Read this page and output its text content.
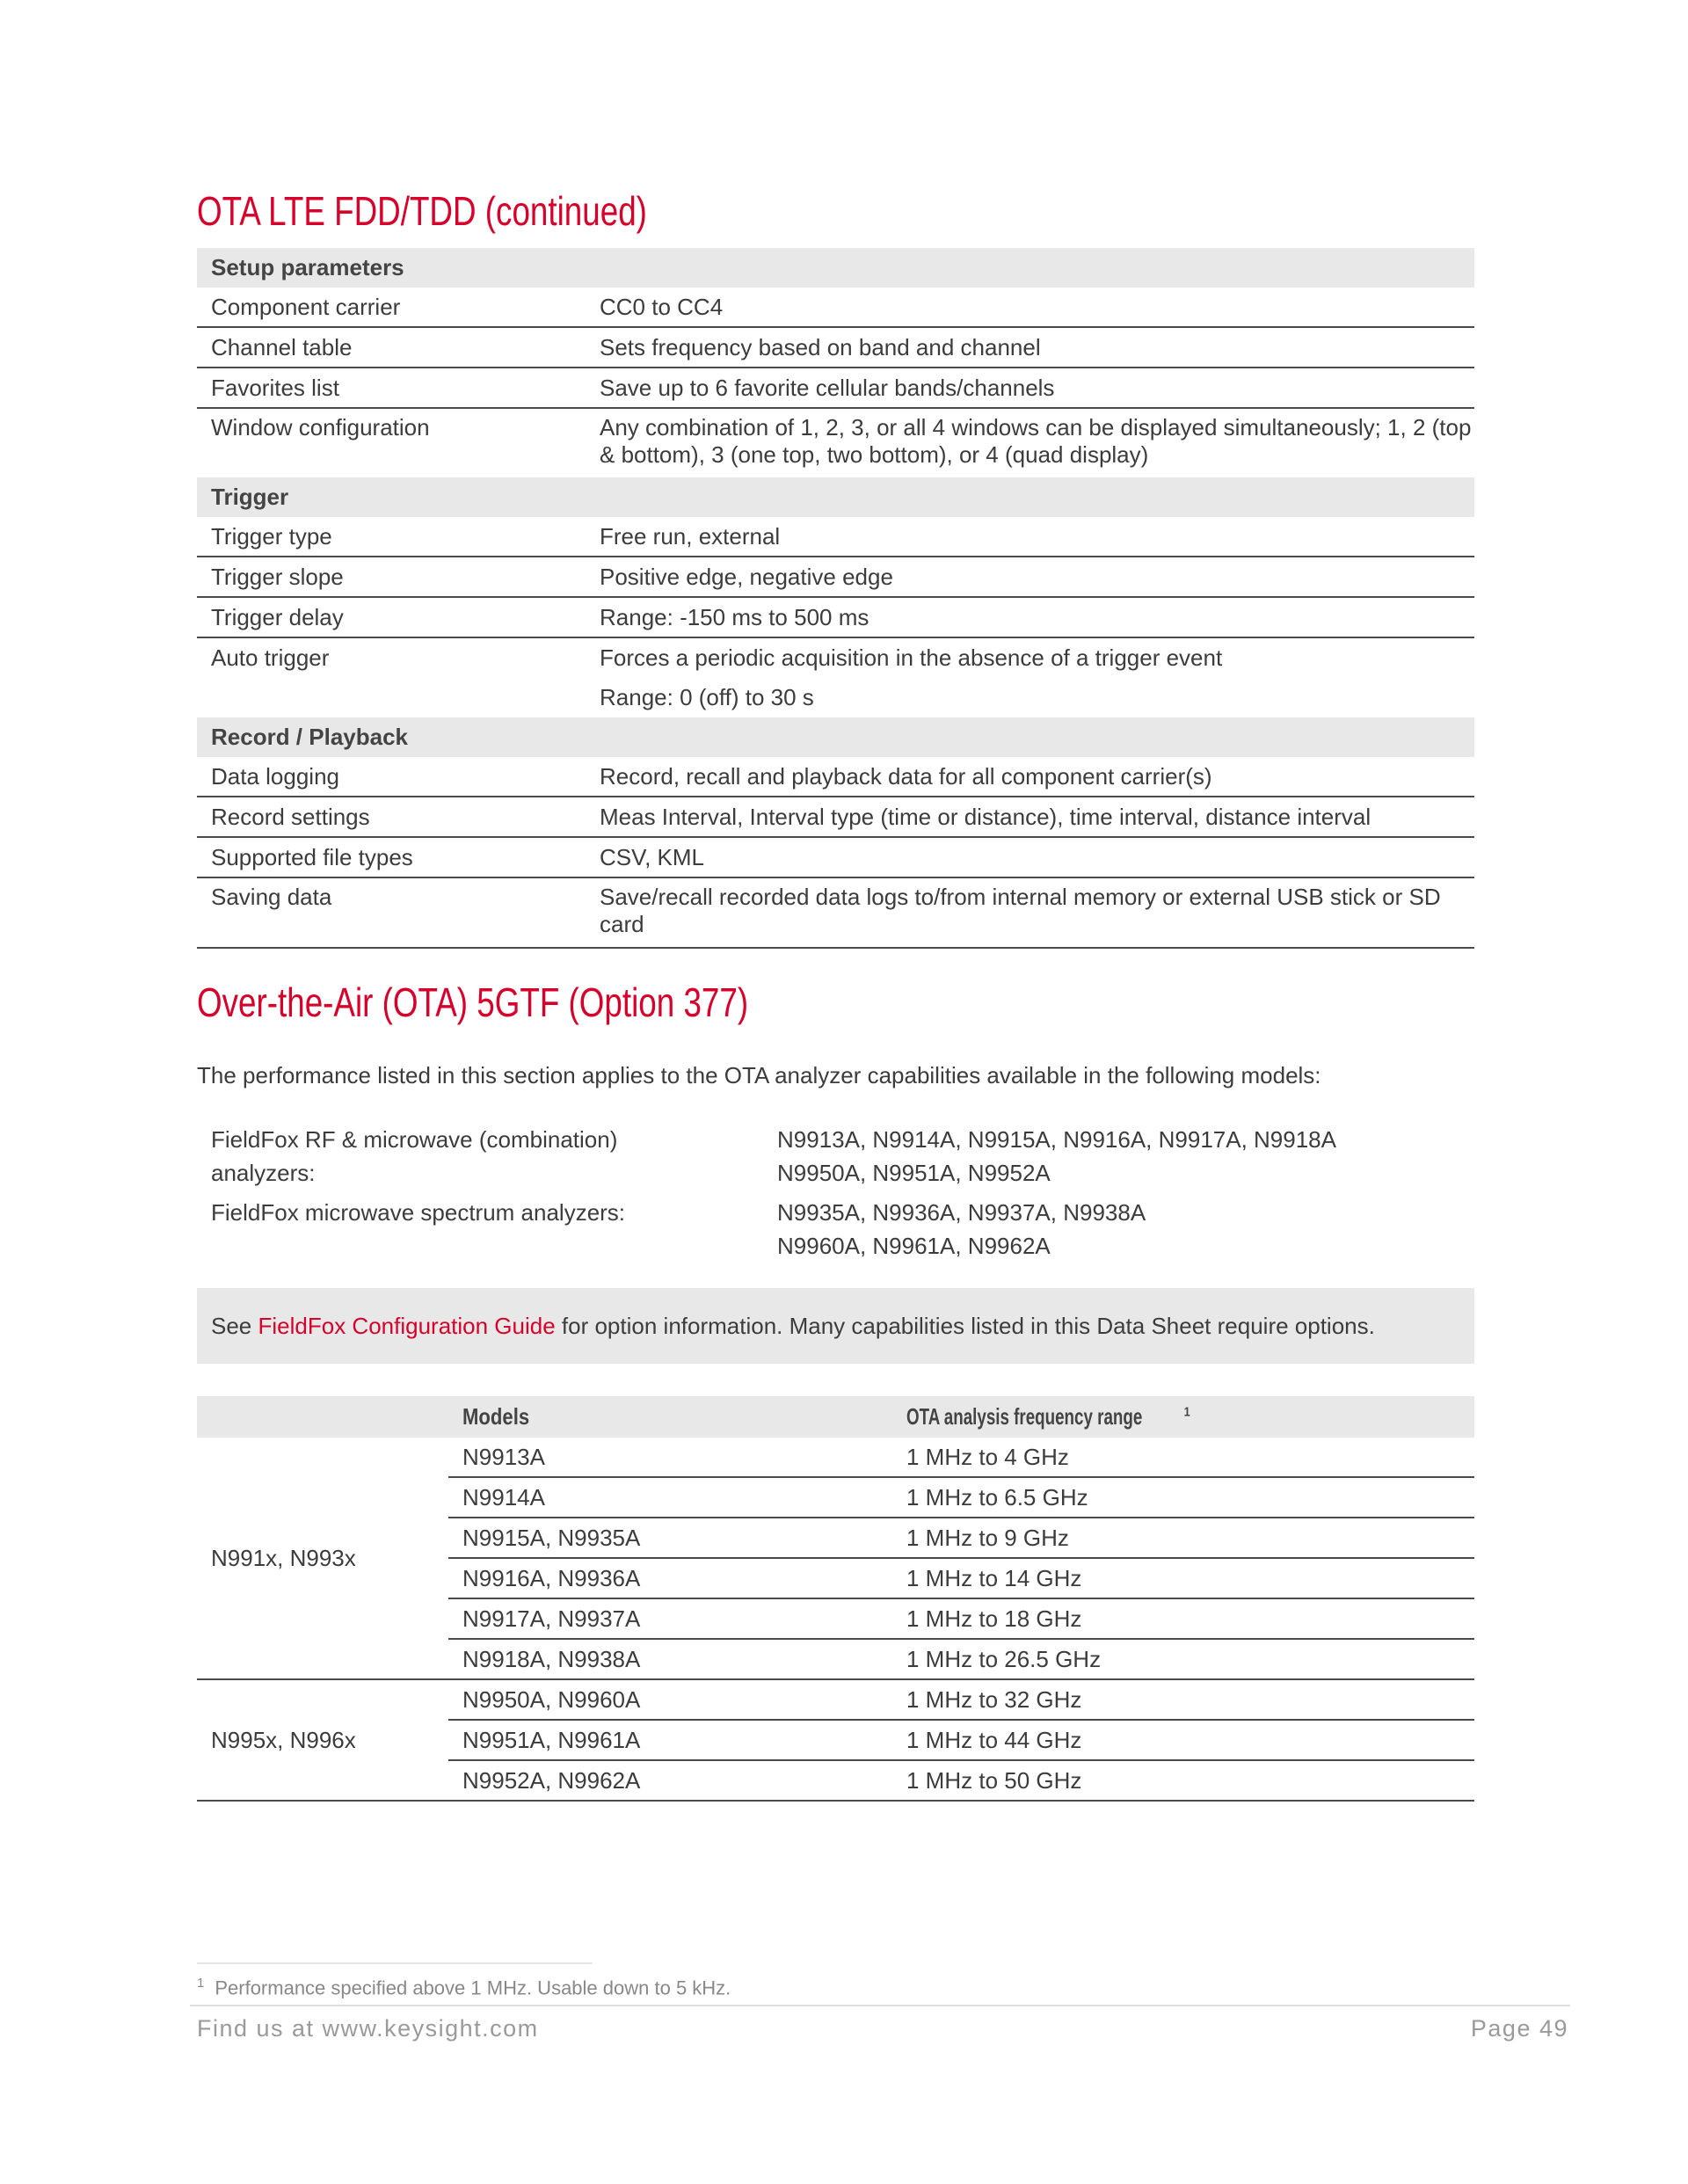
OTA LTE FDD/TDD (continued)
Setup parameters
Component carrier	CC0 to CC4
Channel table	Sets frequency based on band and channel
Favorites list	Save up to 6 favorite cellular bands/channels
Window configuration	Any combination of 1, 2, 3, or all 4 windows can be displayed simultaneously; 1, 2 (top & bottom), 3 (one top, two bottom), or 4 (quad display)
Trigger
Trigger type	Free run, external
Trigger slope	Positive edge, negative edge
Trigger delay	Range: -150 ms to 500 ms
Auto trigger	Forces a periodic acquisition in the absence of a trigger event
Range: 0 (off) to 30 s
Record / Playback
Data logging	Record, recall and playback data for all component carrier(s)
Record settings	Meas Interval, Interval type (time or distance), time interval, distance interval
Supported file types	CSV, KML
Saving data	Save/recall recorded data logs to/from internal memory or external USB stick or SD card
Over-the-Air (OTA) 5GTF (Option 377)
The performance listed in this section applies to the OTA analyzer capabilities available in the following models:
FieldFox RF & microwave (combination) analyzers:
N9913A, N9914A, N9915A, N9916A, N9917A, N9918A
N9950A, N9951A, N9952A
FieldFox microwave spectrum analyzers:	N9935A, N9936A, N9937A, N9938A
N9960A, N9961A, N9962A
See FieldFox Configuration Guide for option information. Many capabilities listed in this Data Sheet require options.
	Models	OTA analysis frequency range $^1$
N991x, N993x	N9913A	1 MHz to 4 GHz
	N9914A	1 MHz to 6.5 GHz
	N9915A, N9935A	1 MHz to 9 GHz
	N9916A, N9936A	1 MHz to 14 GHz
	N9917A, N9937A	1 MHz to 18 GHz
	N9918A, N9938A	1 MHz to 26.5 GHz
N995x, N996x	N9950A, N9960A	1 MHz to 32 GHz
	N9951A, N9961A	1 MHz to 44 GHz
	N9952A, N9962A	1 MHz to 50 GHz
$^1$ Performance specified above 1 MHz. Usable down to 5 kHz.
Find us at www.keysight.com	Page 49
